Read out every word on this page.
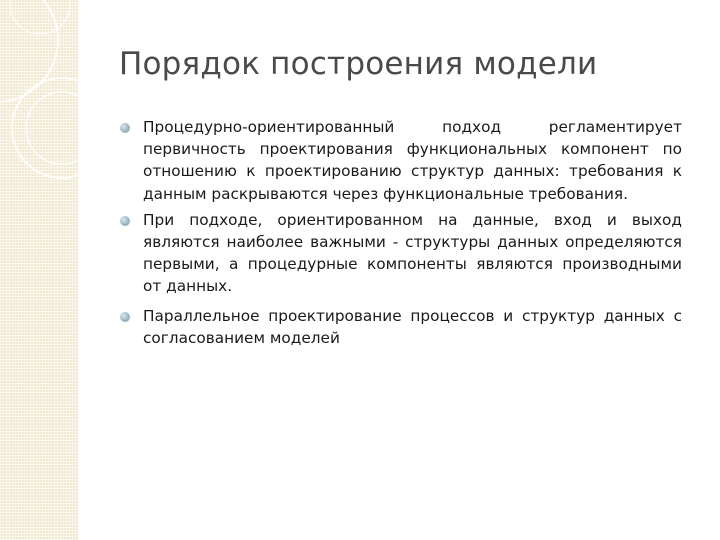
Порядок построения модели
Процедурно-ориентированный подход регламентирует первичность проектирования функциональных компонент по отношению к проектированию структур данных: требования к данным раскрываются через функциональные требования.
При подходе, ориентированном на данные, вход и выход являются наиболее важными - структуры данных определяются первыми, а процедурные компоненты являются производными от данных.
Параллельное проектирование процессов и структур данных с согласованием моделей
